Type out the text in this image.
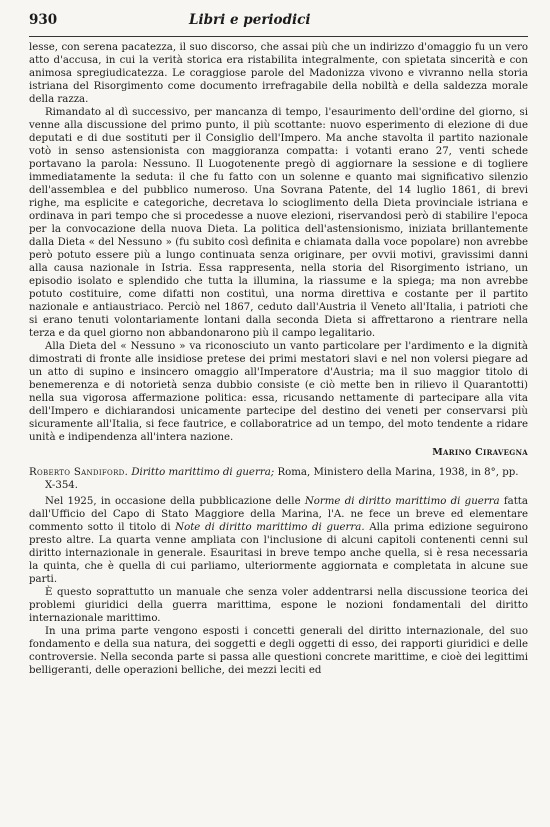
930	Libri e periodici

lesse, con serena pacatezza, il suo discorso, che assai più che un indirizzo d'omaggio fu un vero atto d'accusa, in cui la verità storica era ristabilita integralmente, con spietata sincerità e con animosa spregiudicatezza. Le coraggiose parole del Madonizza vivono e vivranno nella storia istriana del Risorgimento come documento irrefragabile della nobiltà e della saldezza morale della razza.

Rimandato al dì successivo, per mancanza di tempo, l'esaurimento dell'ordine del giorno, si venne alla discussione del primo punto, il più scottante: nuovo esperimento di elezione di due deputati e di due sostituti per il Consiglio dell'Impero. Ma anche stavolta il partito nazionale votò in senso astensionista con maggioranza compatta: i votanti erano 27, venti schede portavano la parola: Nessuno. Il Luogotenente pregò di aggiornare la sessione e di togliere immediatamente la seduta: il che fu fatto con un solenne e quanto mai significativo silenzio dell'assemblea e del pubblico numeroso. Una Sovrana Patente, del 14 luglio 1861, di brevi righe, ma esplicite e categoriche, decretava lo scioglimento della Dieta provinciale istriana e ordinava in pari tempo che si procedesse a nuove elezioni, riservandosi però di stabilire l'epoca per la convocazione della nuova Dieta. La politica dell'astensionismo, iniziata brillantemente dalla Dieta « del Nessuno » (fu subito così definita e chiamata dalla voce popolare) non avrebbe però potuto essere più a lungo continuata senza originare, per ovvii motivi, gravissimi danni alla causa nazionale in Istria. Essa rappresenta, nella storia del Risorgimento istriano, un episodio isolato e splendido che tutta la illumina, la riassume e la spiega; ma non avrebbe potuto costituire, come difatti non costituì, una norma direttiva e costante per il partito nazionale e antiaustriaco. Perciò nel 1867, ceduto dall'Austria il Veneto all'Italia, i patrioti che si erano tenuti volontariamente lontani dalla seconda Dieta si affrettarono a rientrare nella terza e da quel giorno non abbandonarono più il campo legalitario.

Alla Dieta del « Nessuno » va riconosciuto un vanto particolare per l'ardimento e la dignità dimostrati di fronte alle insidiose pretese dei primi mestatori slavi e nel non volersi piegare ad un atto di supino e insincero omaggio all'Imperatore d'Austria; ma il suo maggior titolo di benemerenza e di notorietà senza dubbio consiste (e ciò mette ben in rilievo il Quarantotti) nella sua vigorosa affermazione politica: essa, ricusando nettamente di partecipare alla vita dell'Impero e dichiarandosi unicamente partecipe del destino dei veneti per conservarsi più sicuramente all'Italia, si fece fautrice, e collaboratrice ad un tempo, del moto tendente a ridare unità e indipendenza all'intera nazione.

Marino Ciravegna

Roberto Sandiford. Diritto marittimo di guerra; Roma, Ministero della Marina, 1938, in 8°, pp. X-354.

Nel 1925, in occasione della pubblicazione delle Norme di diritto marittimo di guerra fatta dall'Ufficio del Capo di Stato Maggiore della Marina, l'A. ne fece un breve ed elementare commento sotto il titolo di Note di diritto marittimo di guerra. Alla prima edizione seguirono presto altre. La quarta venne ampliata con l'inclusione di alcuni capitoli contenenti cenni sul diritto internazionale in generale. Esauritasi in breve tempo anche quella, si è resa necessaria la quinta, che è quella di cui parliamo, ulteriormente aggiornata e completata in alcune sue parti.

È questo soprattutto un manuale che senza voler addentrarsi nella discussione teorica dei problemi giuridici della guerra marittima, espone le nozioni fondamentali del diritto internazionale marittimo.

In una prima parte vengono esposti i concetti generali del diritto internazionale, del suo fondamento e della sua natura, dei soggetti e degli oggetti di esso, dei rapporti giuridici e delle controversie. Nella seconda parte si passa alle questioni concrete marittime, e cioè dei legittimi belligeranti, delle operazioni belliche, dei mezzi leciti ed
